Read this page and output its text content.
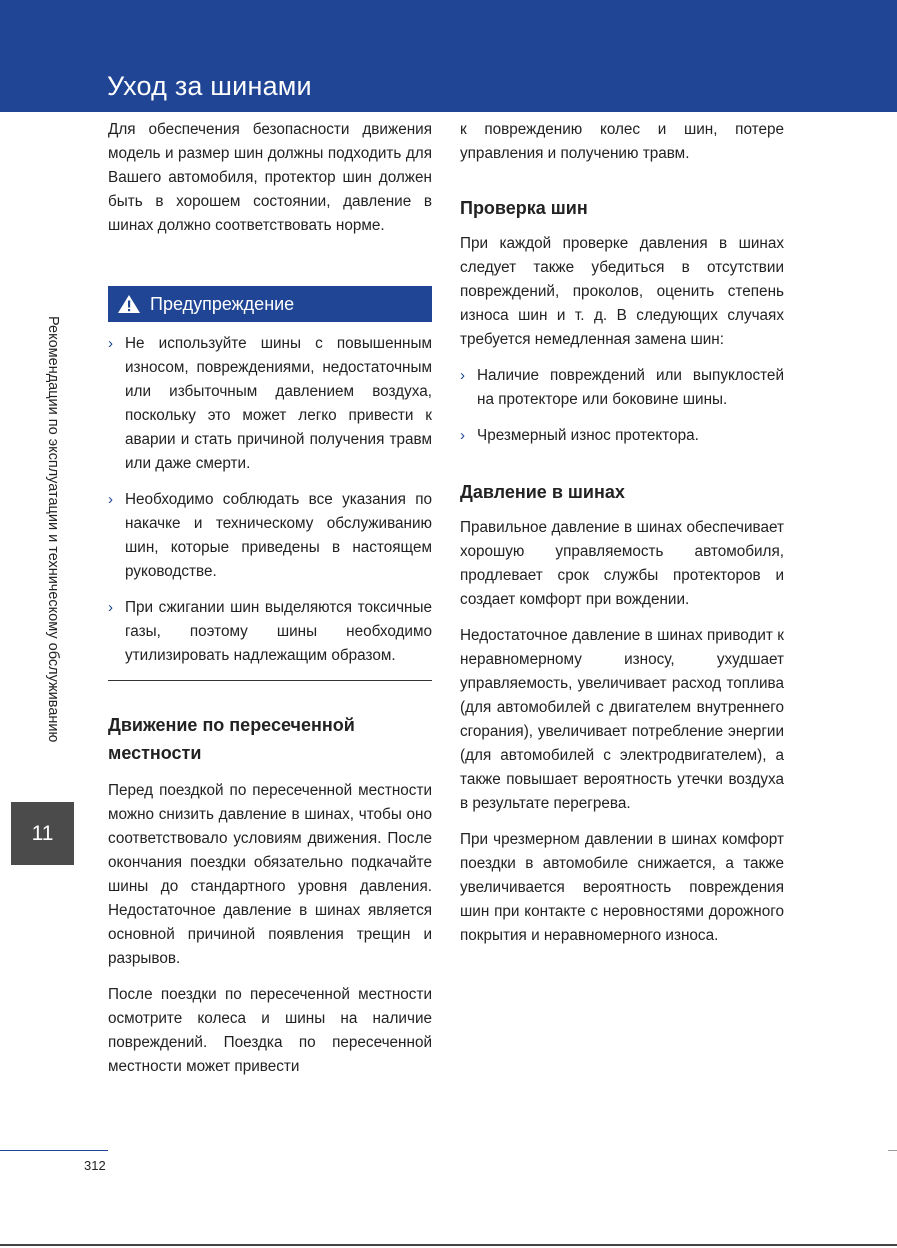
Уход за шинами
Рекомендации по эксплуатации и техническому обслуживанию
11

Для обеспечения безопасности движения модель и размер шин должны подходить для Вашего автомобиля, протектор шин должен быть в хорошем состоянии, давление в шинах должно соответствовать норме.

Предупреждение
› Не используйте шины с повышенным износом, повреждениями, недостаточным или избыточным давлением воздуха, поскольку это может легко привести к аварии и стать причиной получения травм или даже смерти.
› Необходимо соблюдать все указания по накачке и техническому обслуживанию шин, которые приведены в настоящем руководстве.
› При сжигании шин выделяются токсичные газы, поэтому шины необходимо утилизировать надлежащим образом.
Движение по пересеченной местности

Перед поездкой по пересеченной местности можно снизить давление в шинах, чтобы оно соответствовало условиям движения. После окончания поездки обязательно подкачайте шины до стандартного уровня давления. Недостаточное давление в шинах является основной причиной появления трещин и разрывов.

После поездки по пересеченной местности осмотрите колеса и шины на наличие повреждений. Поездка по пересеченной местности может привести

к повреждению колес и шин, потере управления и получению травм.

Проверка шин

При каждой проверке давления в шинах следует также убедиться в отсутствии повреждений, проколов, оценить степень износа шин и т. д. В следующих случаях требуется немедленная замена шин:

› Наличие повреждений или выпуклостей на протекторе или боковине шины.
› Чрезмерный износ протектора.
Давление в шинах

Правильное давление в шинах обеспечивает хорошую управляемость автомобиля, продлевает срок службы протекторов и создает комфорт при вождении.

Недостаточное давление в шинах приводит к неравномерному износу, ухудшает управляемость, увеличивает расход топлива (для автомобилей с двигателем внутреннего сгорания), увеличивает потребление энергии (для автомобилей с электродвигателем), а также повышает вероятность утечки воздуха в результате перегрева.

При чрезмерном давлении в шинах комфорт поездки в автомобиле снижается, а также увеличивается вероятность повреждения шин при контакте с неровностями дорожного покрытия и неравномерного износа.

312
